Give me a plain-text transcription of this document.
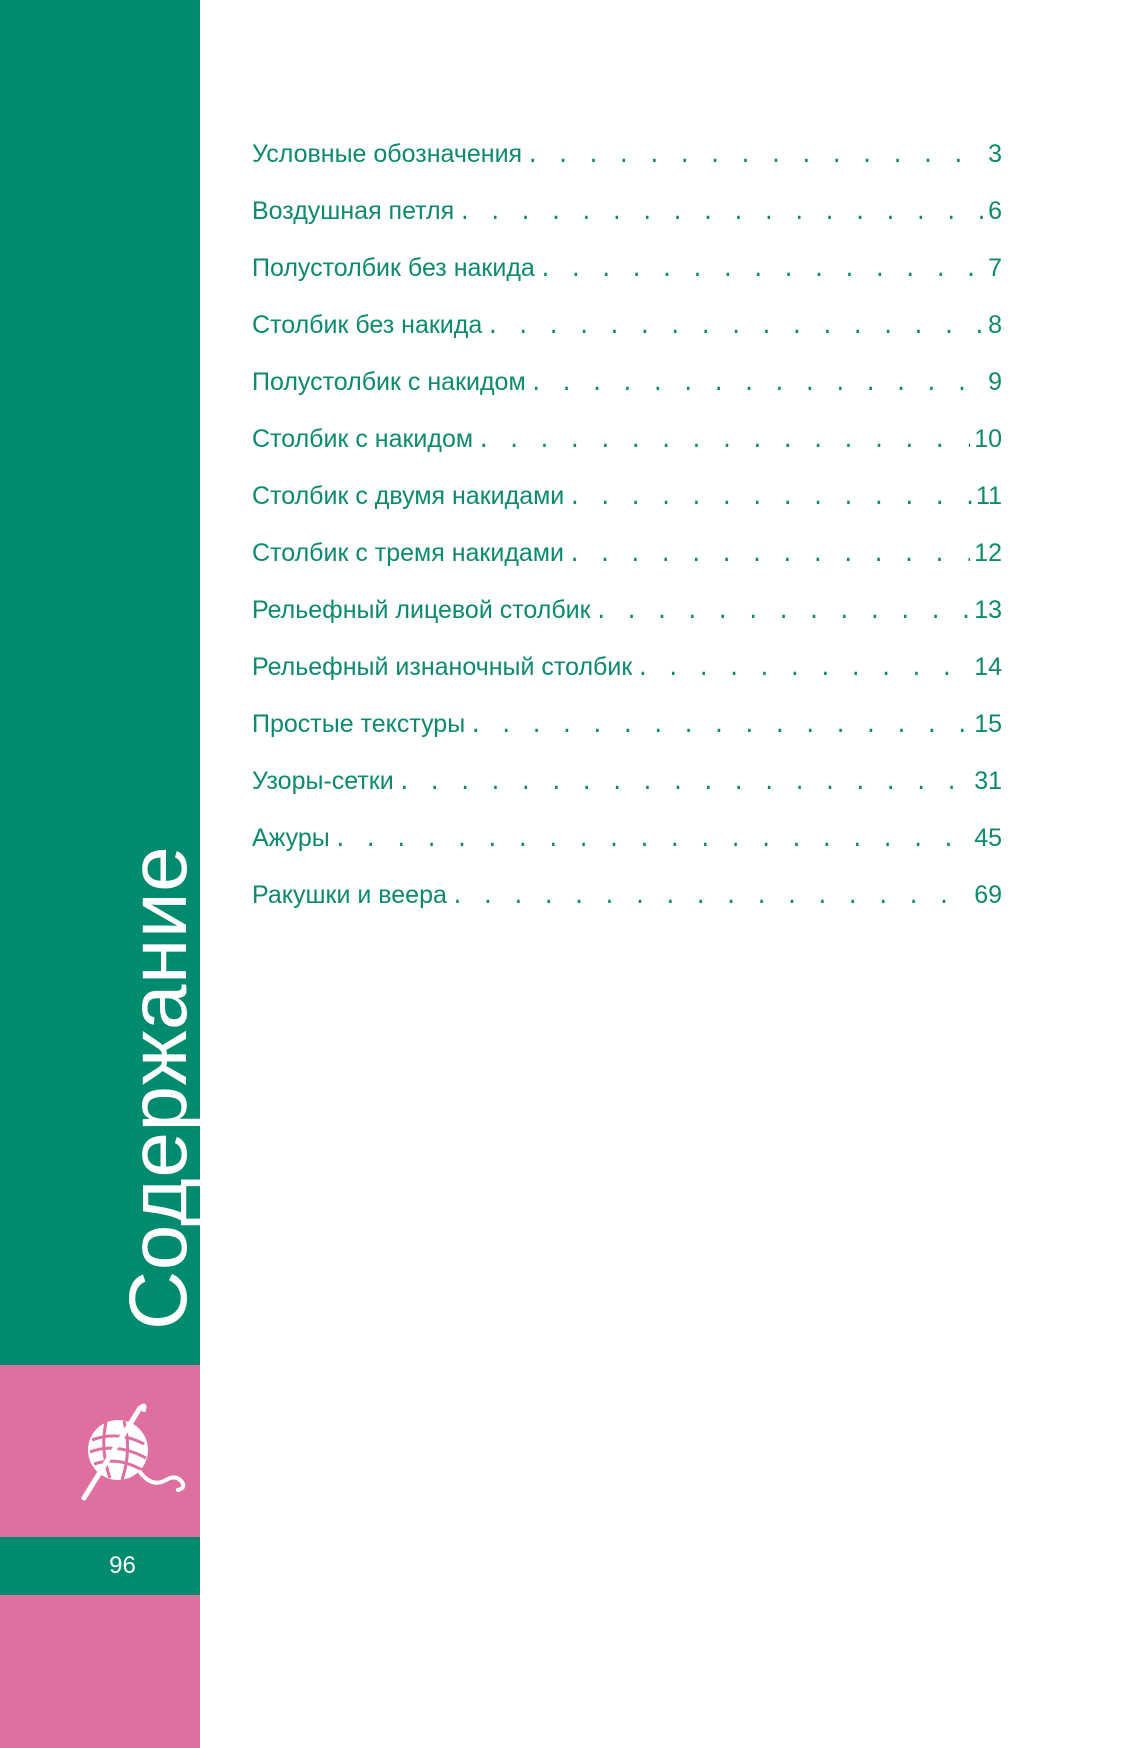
Содержание
96
Условные обозначения . . .	3
Воздушная петля . . .	6
Полустолбик без накида . . .	7
Столбик без накида . . .	8
Полустолбик с накидом . . .	9
Столбик с накидом . . .	10
Столбик с двумя накидами . . .	11
Столбик с тремя накидами . . .	12
Рельефный лицевой столбик . . .	13
Рельефный изнаночный столбик . . .	14
Простые текстуры . . .	15
Узоры-сетки . . .	31
Ажуры . . .	45
Ракушки и веера . . .	69
